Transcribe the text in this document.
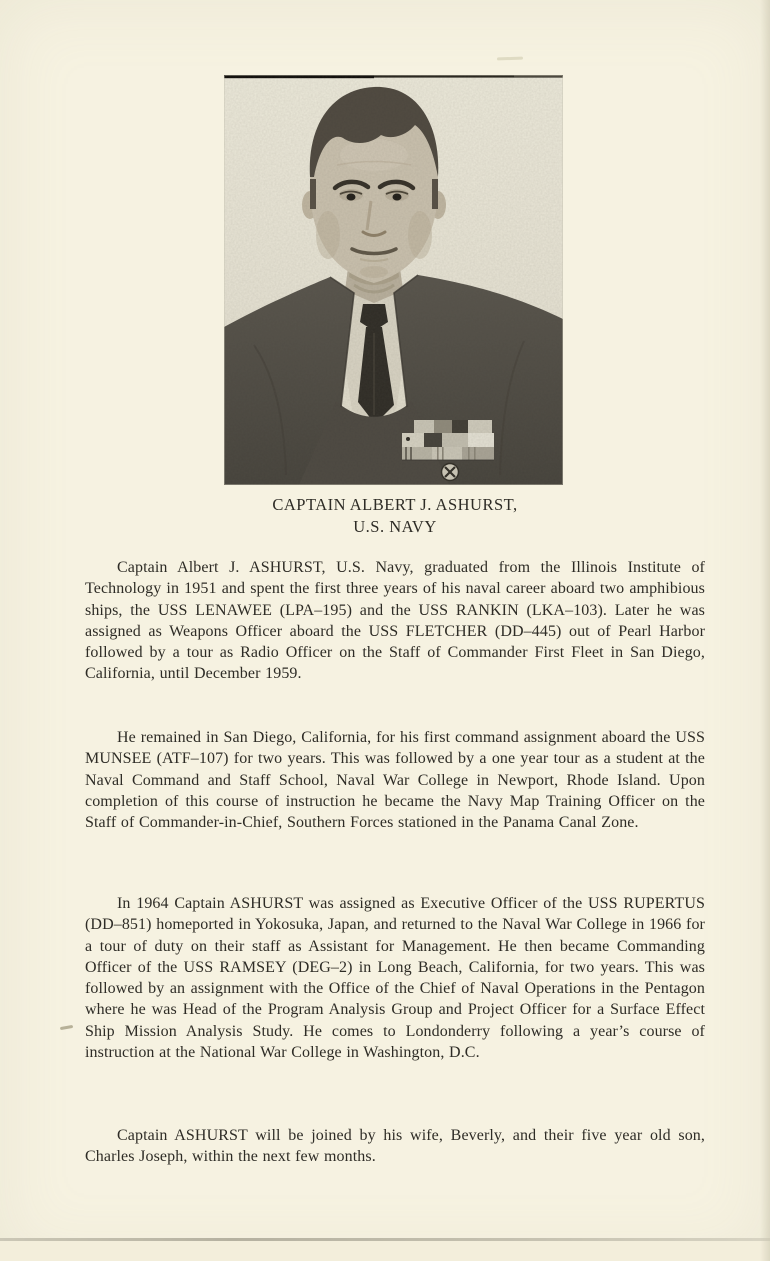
CAPTAIN ALBERT J. ASHURST,
U.S. NAVY

Captain Albert J. ASHURST, U.S. Navy, graduated from the Illinois Institute of Technology in 1951 and spent the first three years of his naval career aboard two amphibious ships, the USS LENAWEE (LPA–195) and the USS RANKIN (LKA–103). Later he was assigned as Weapons Officer aboard the USS FLETCHER (DD–445) out of Pearl Harbor followed by a tour as Radio Officer on the Staff of Commander First Fleet in San Diego, California, until December 1959.

He remained in San Diego, California, for his first command assignment aboard the USS MUNSEE (ATF–107) for two years. This was followed by a one year tour as a student at the Naval Command and Staff School, Naval War College in Newport, Rhode Island. Upon completion of this course of instruction he became the Navy Map Training Officer on the Staff of Commander-in-Chief, Southern Forces stationed in the Panama Canal Zone.

In 1964 Captain ASHURST was assigned as Executive Officer of the USS RUPERTUS (DD–851) homeported in Yokosuka, Japan, and returned to the Naval War College in 1966 for a tour of duty on their staff as Assistant for Management. He then became Commanding Officer of the USS RAMSEY (DEG–2) in Long Beach, California, for two years. This was followed by an assignment with the Office of the Chief of Naval Operations in the Pentagon where he was Head of the Program Analysis Group and Project Officer for a Surface Effect Ship Mission Analysis Study. He comes to Londonderry following a year’s course of instruction at the National War College in Washington, D.C.

Captain ASHURST will be joined by his wife, Beverly, and their five year old son, Charles Joseph, within the next few months.
